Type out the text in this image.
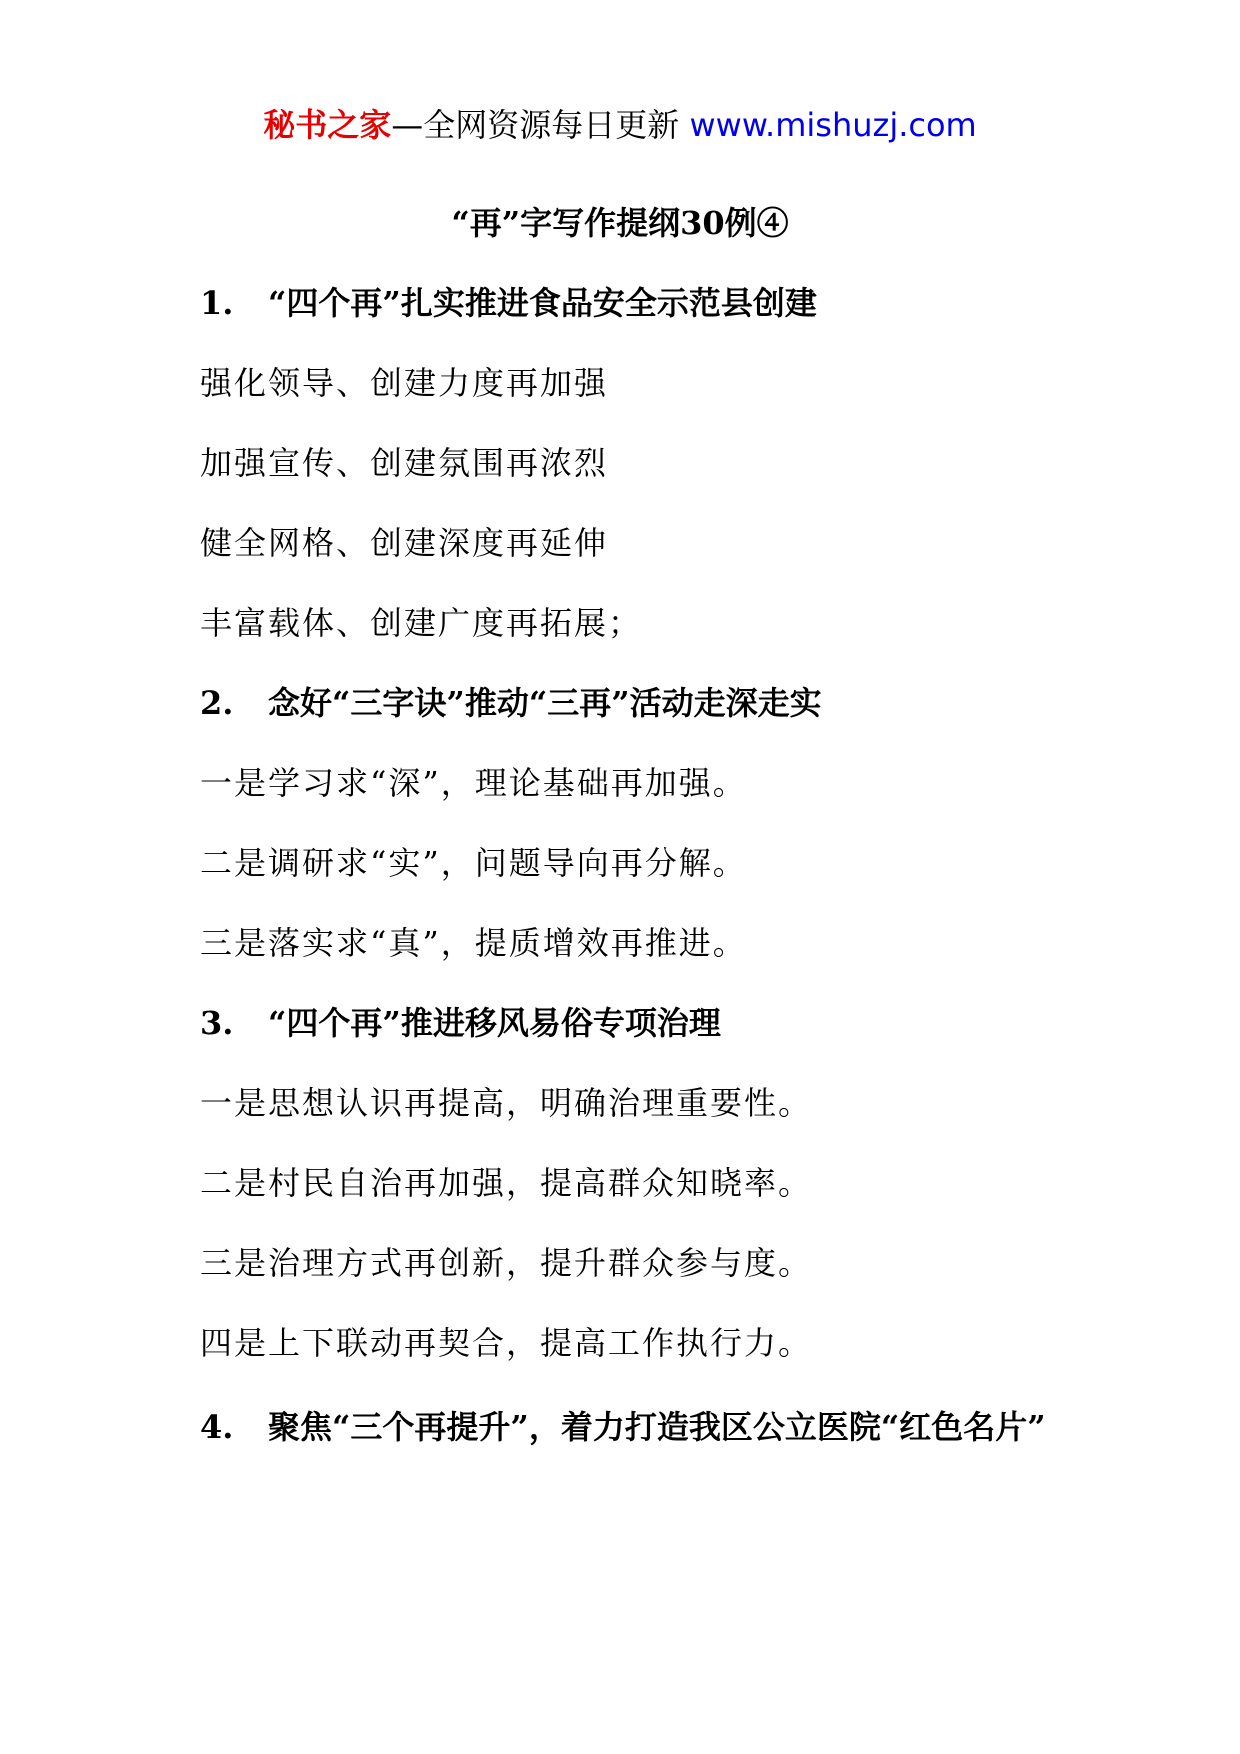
秘书之家—全网资源每日更新 www.mishuzj.com
“再”字写作提纲30例④
1. “四个再”扎实推进食品安全示范县创建
强化领导、创建力度再加强
加强宣传、创建氛围再浓烈
健全网格、创建深度再延伸
丰富载体、创建广度再拓展；
2. 念好“三字诀”推动“三再”活动走深走实
一是学习求“深”，理论基础再加强。
二是调研求“实”，问题导向再分解。
三是落实求“真”，提质增效再推进。
3. “四个再”推进移风易俗专项治理
一是思想认识再提高，明确治理重要性。
二是村民自治再加强，提高群众知晓率。
三是治理方式再创新，提升群众参与度。
四是上下联动再契合，提高工作执行力。
4. 聚焦“三个再提升”，着力打造我区公立医院“红色名片”
